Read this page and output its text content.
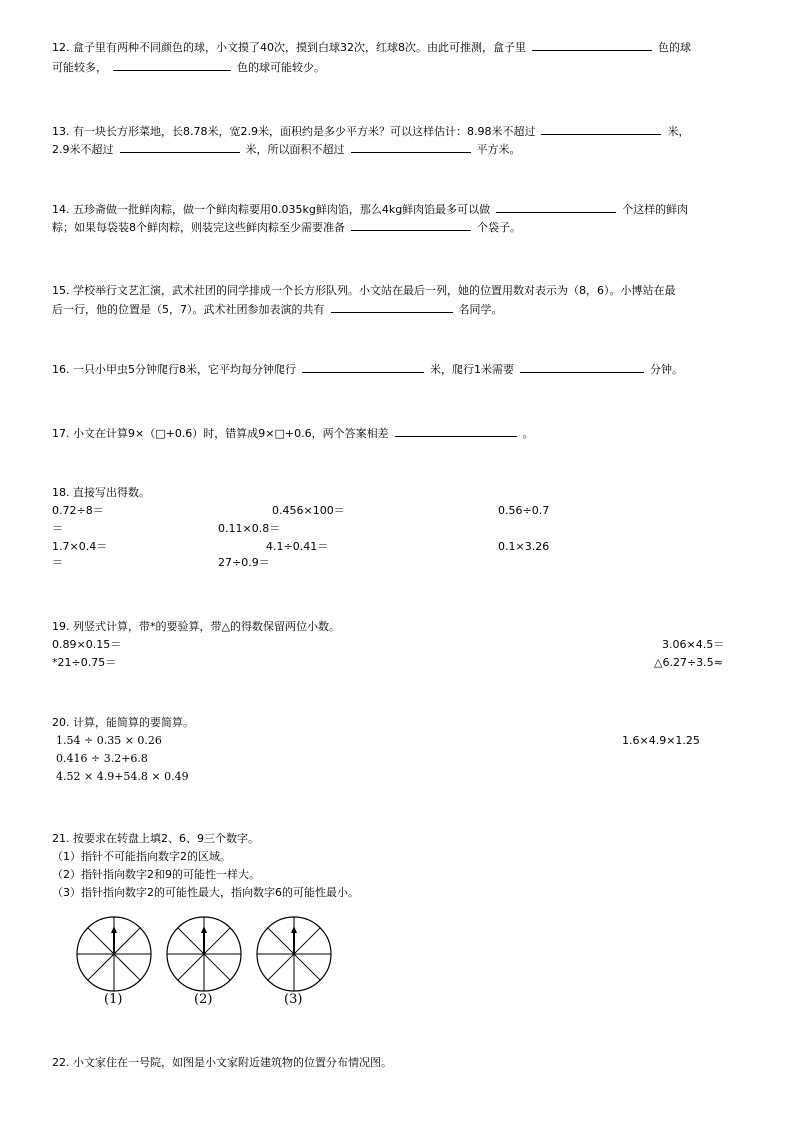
12. 盒子里有两种不同颜色的球，小文摸了40次，摸到白球32次，红球8次。由此可推测，盒子里	色的球
可能较多，	色的球可能较少。
13. 有一块长方形菜地，长8.78米，宽2.9米，面积约是多少平方米？可以这样估计：8.98米不超过	米，
2.9米不超过	米，所以面积不超过	平方米。
14. 五珍斋做一批鲜肉粽，做一个鲜肉粽要用0.035kg鲜肉馅，那么4kg鲜肉馅最多可以做	个这样的鲜肉
粽；如果每袋装8个鲜肉粽，则装完这些鲜肉粽至少需要准备	个袋子。
15. 学校举行文艺汇演，武术社团的同学排成一个长方形队列。小文站在最后一列，她的位置用数对表示为（8，6）。小博站在最
后一行，他的位置是（5，7）。武术社团参加表演的共有	名同学。
16. 一只小甲虫5分钟爬行8米，它平均每分钟爬行	米，爬行1米需要	分钟。
17. 小文在计算9×（□+0.6）时，错算成9×□+0.6，两个答案相差	。
18. 直接写出得数。
0.72÷8＝	0.456×100＝	0.56÷0.7
＝	0.11×0.8＝
1.7×0.4＝	4.1÷0.41＝	0.1×3.26
＝	27÷0.9＝
19. 列竖式计算，带*的要验算，带△的得数保留两位小数。
0.89×0.15＝	3.06×4.5＝
*21÷0.75＝	△6.27÷3.5≈
20. 计算，能简算的要简算。
1.54 ÷ 0.35 × 0.26	1.6×4.9×1.25
0.416 ÷ 3.2+6.8
4.52 × 4.9+54.8 × 0.49
21. 按要求在转盘上填2、6、9三个数字。
（1）指针不可能指向数字2的区域。
（2）指针指向数字2和9的可能性一样大。
（3）指针指向数字2的可能性最大，指向数字6的可能性最小。
(1)	(2)	(3)
22. 小文家住在一号院，如图是小文家附近建筑物的位置分布情况图。
